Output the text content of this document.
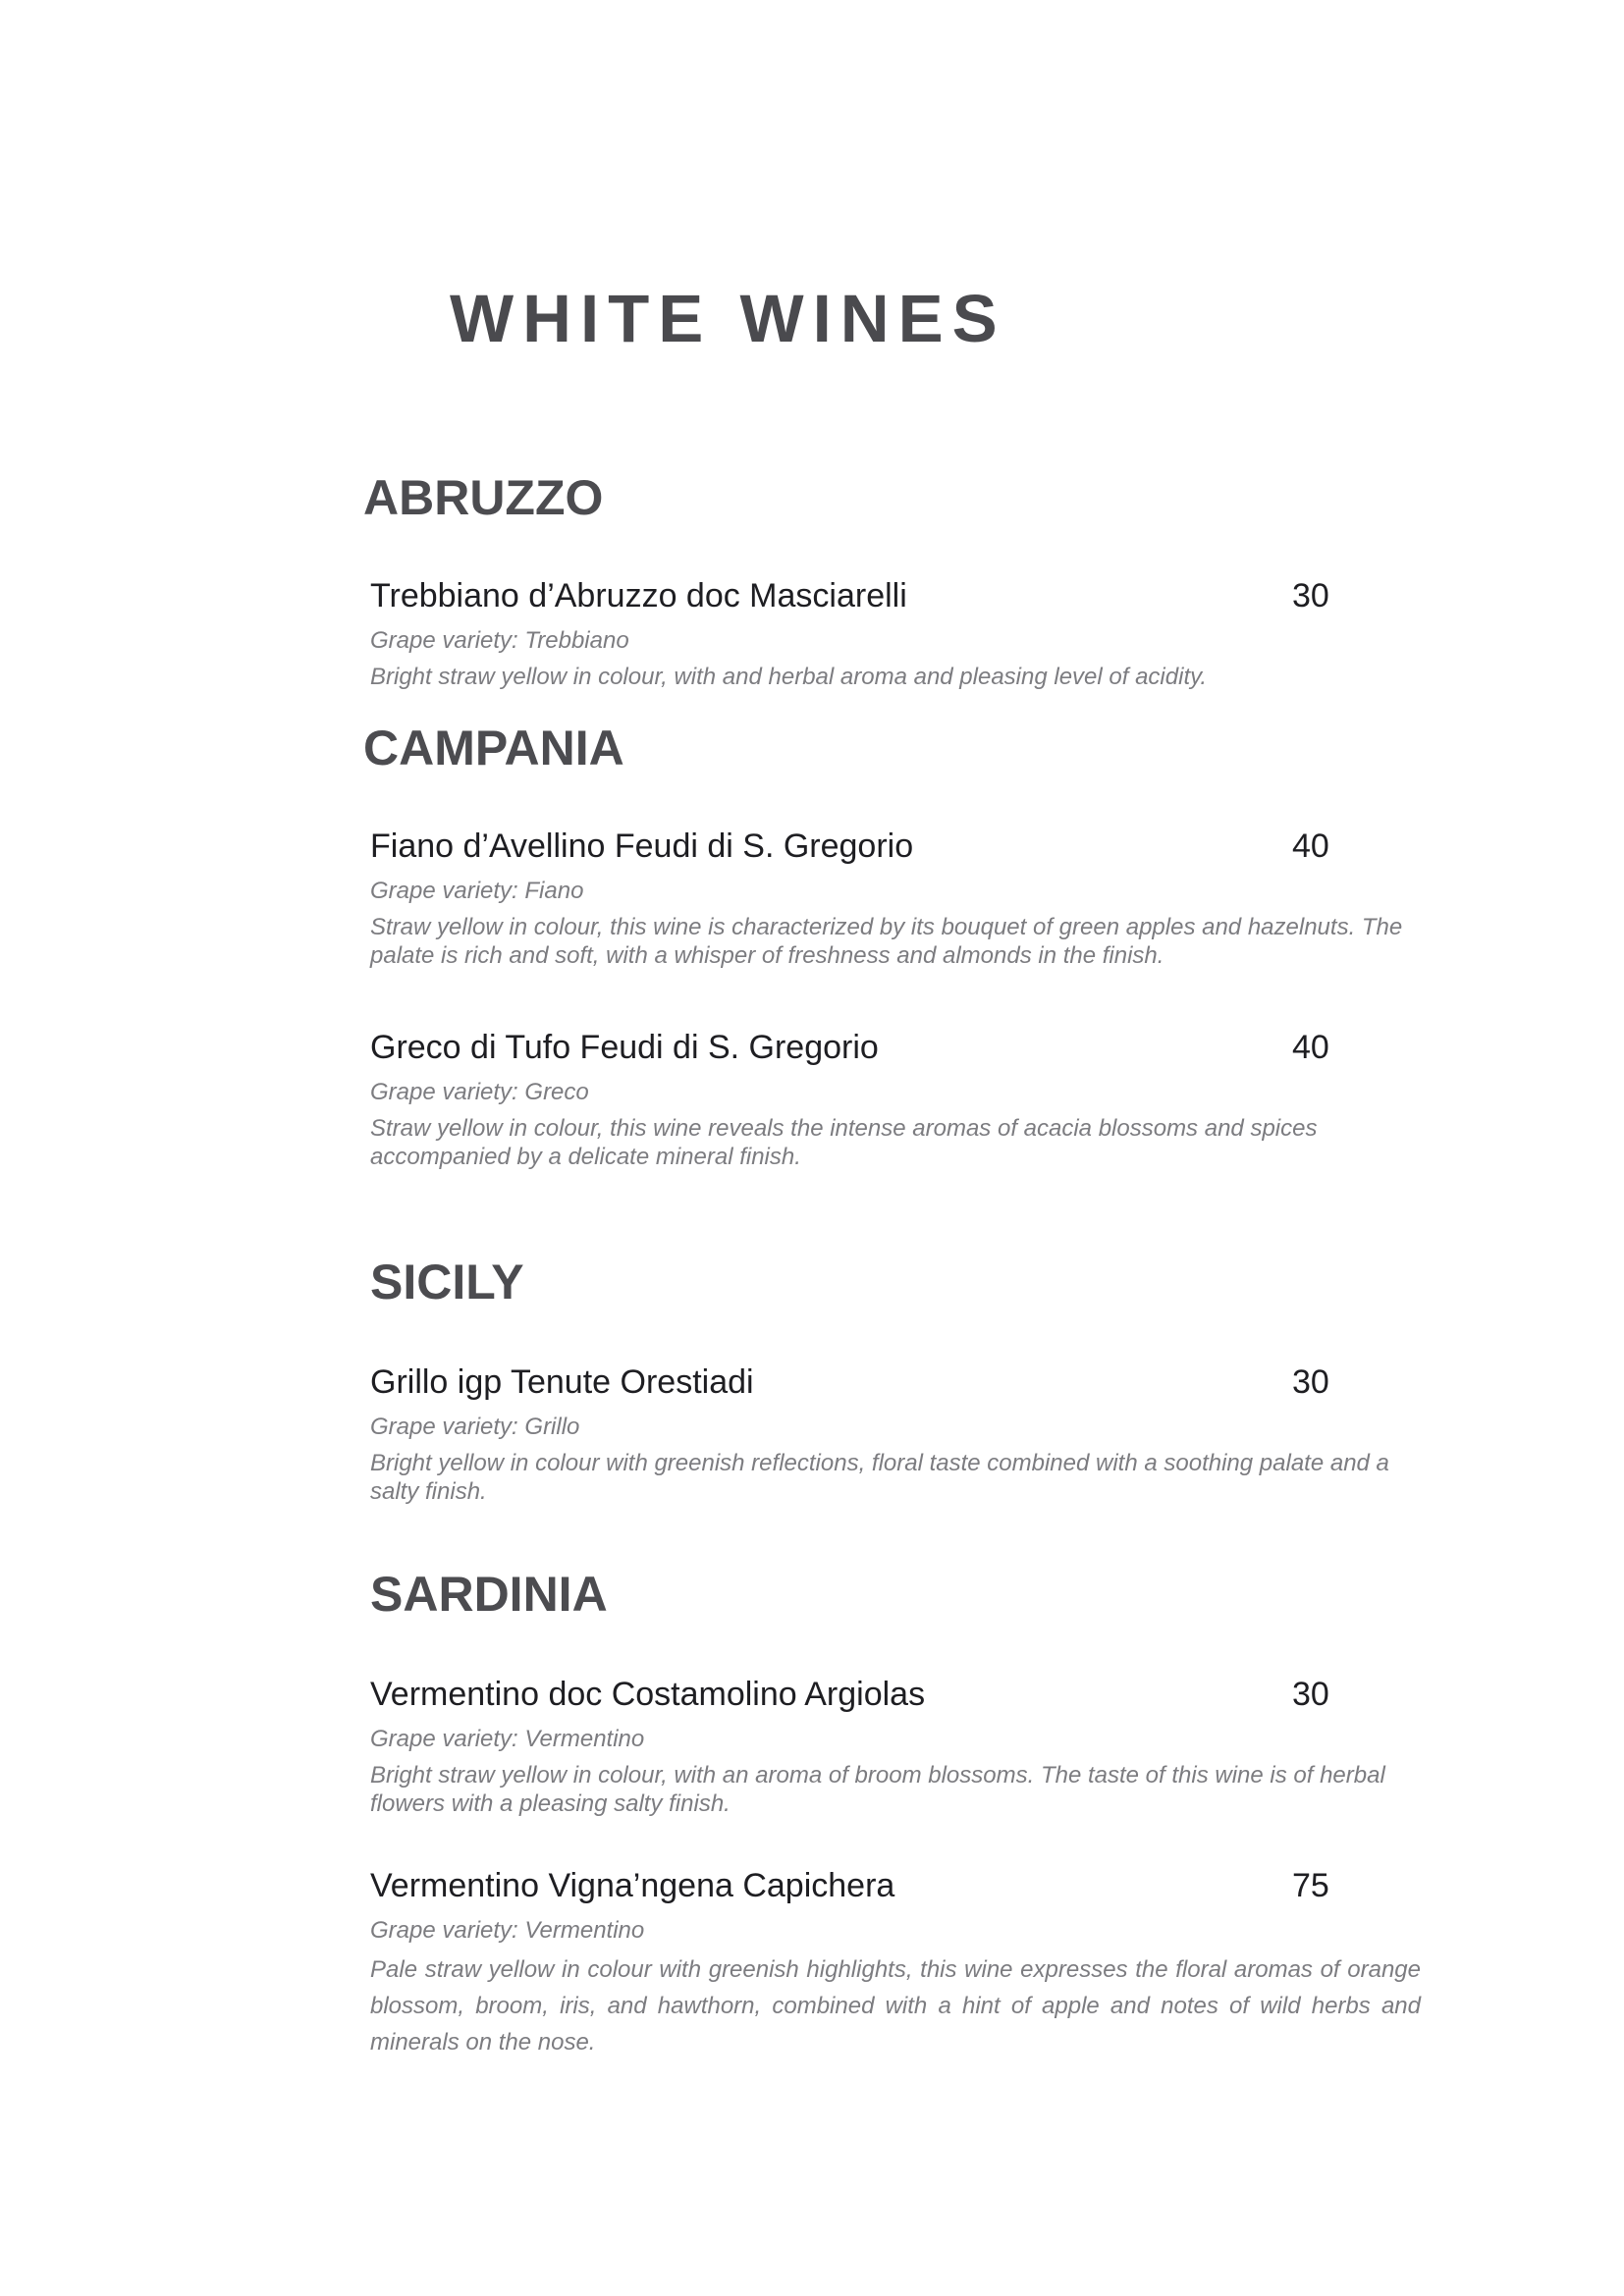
WHITE WINES
ABRUZZO
Trebbiano d’Abruzzo doc Masciarelli	30
Grape variety: Trebbiano
Bright straw yellow in colour, with and herbal aroma and pleasing level of acidity.
CAMPANIA
Fiano d’Avellino Feudi di S. Gregorio	40
Grape variety: Fiano
Straw yellow in colour, this wine is characterized by its bouquet of green apples and hazelnuts. The palate is rich and soft, with a whisper of freshness and almonds in the finish.
Greco di Tufo Feudi di S. Gregorio	40
Grape variety: Greco
Straw yellow in colour, this wine reveals the intense aromas of acacia blossoms and spices accompanied by a delicate mineral finish.
SICILY
Grillo igp Tenute Orestiadi	30
Grape variety: Grillo
Bright yellow in colour with greenish reflections, floral taste combined with a soothing palate and a salty finish.
SARDINIA
Vermentino doc Costamolino Argiolas	30
Grape variety: Vermentino
Bright straw yellow in colour, with an aroma of broom blossoms. The taste of this wine is of herbal flowers with a pleasing salty finish.
Vermentino Vigna’ngena Capichera	75
Grape variety: Vermentino
Pale straw yellow in colour with greenish highlights, this wine expresses the floral aromas of orange blossom, broom, iris, and hawthorn, combined with a hint of apple and notes of wild herbs and minerals on the nose.
